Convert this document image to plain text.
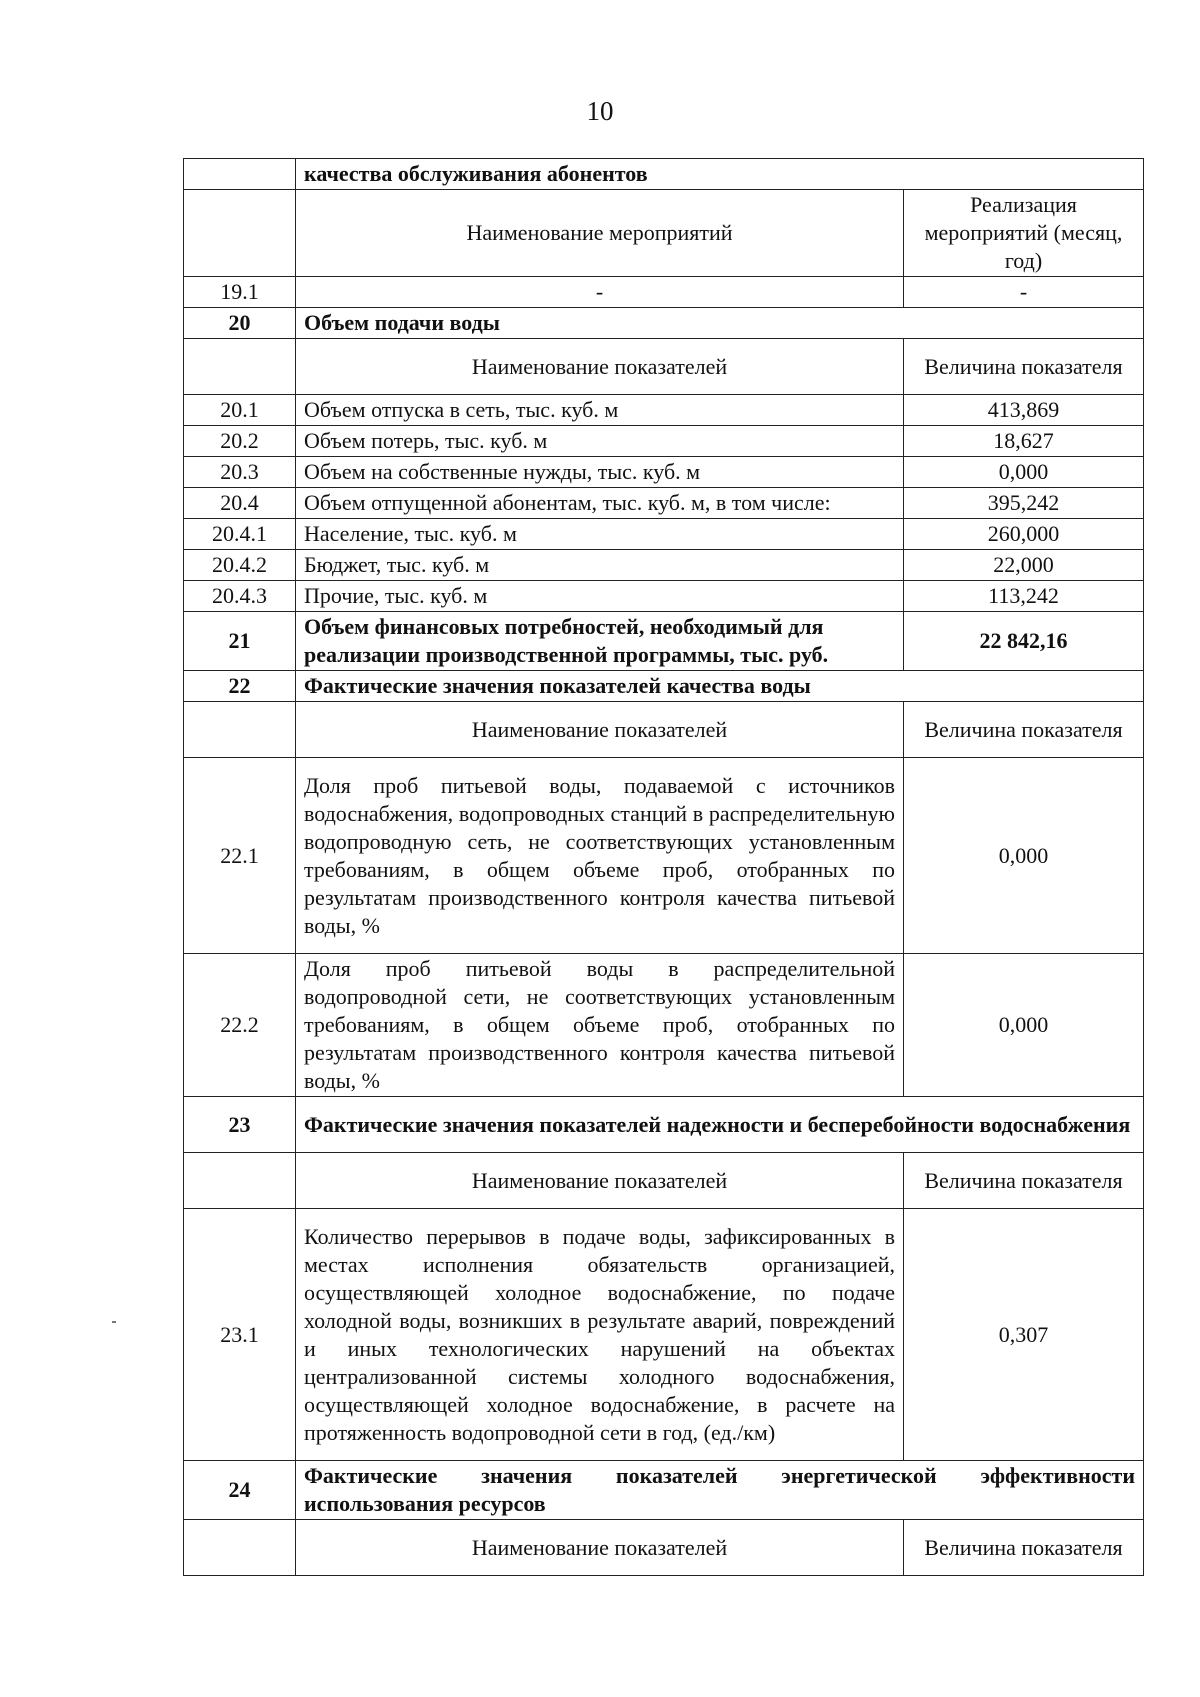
10
	качества обслуживания абонентов	
	Наименование мероприятий	Реализация мероприятий (месяц, год)
19.1	-	-
20	Объем подачи воды	
	Наименование показателей	Величина показателя
20.1	Объем отпуска в сеть, тыс. куб. м	413,869
20.2	Объем потерь, тыс. куб. м	18,627
20.3	Объем на собственные нужды, тыс. куб. м	0,000
20.4	Объем отпущенной абонентам, тыс. куб. м, в том числе:	395,242
20.4.1	Население, тыс. куб. м	260,000
20.4.2	Бюджет, тыс. куб. м	22,000
20.4.3	Прочие, тыс. куб. м	113,242
21	Объем финансовых потребностей, необходимый для реализации производственной программы, тыс. руб.	22 842,16
22	Фактические значения показателей качества воды	
	Наименование показателей	Величина показателя
22.1	Доля проб питьевой воды, подаваемой с источников водоснабжения, водопроводных станций в распределительную водопроводную сеть, не соответствующих установленным требованиям, в общем объеме проб, отобранных по результатам производственного контроля качества питьевой воды, %	0,000
22.2	Доля проб питьевой воды в распределительной водопроводной сети, не соответствующих установленным требованиям, в общем объеме проб, отобранных по результатам производственного контроля качества питьевой воды, %	0,000
23	Фактические значения показателей надежности и бесперебойности водоснабжения	
	Наименование показателей	Величина показателя
23.1	Количество перерывов в подаче воды, зафиксированных в местах исполнения обязательств организацией, осуществляющей холодное водоснабжение, по подаче холодной воды, возникших в результате аварий, повреждений и иных технологических нарушений на объектах централизованной системы холодного водоснабжения, осуществляющей холодное водоснабжение, в расчете на протяженность водопроводной сети в год, (ед./км)	0,307
24	Фактические значения показателей энергетической эффективности использования ресурсов	
	Наименование показателей	Величина показателя
